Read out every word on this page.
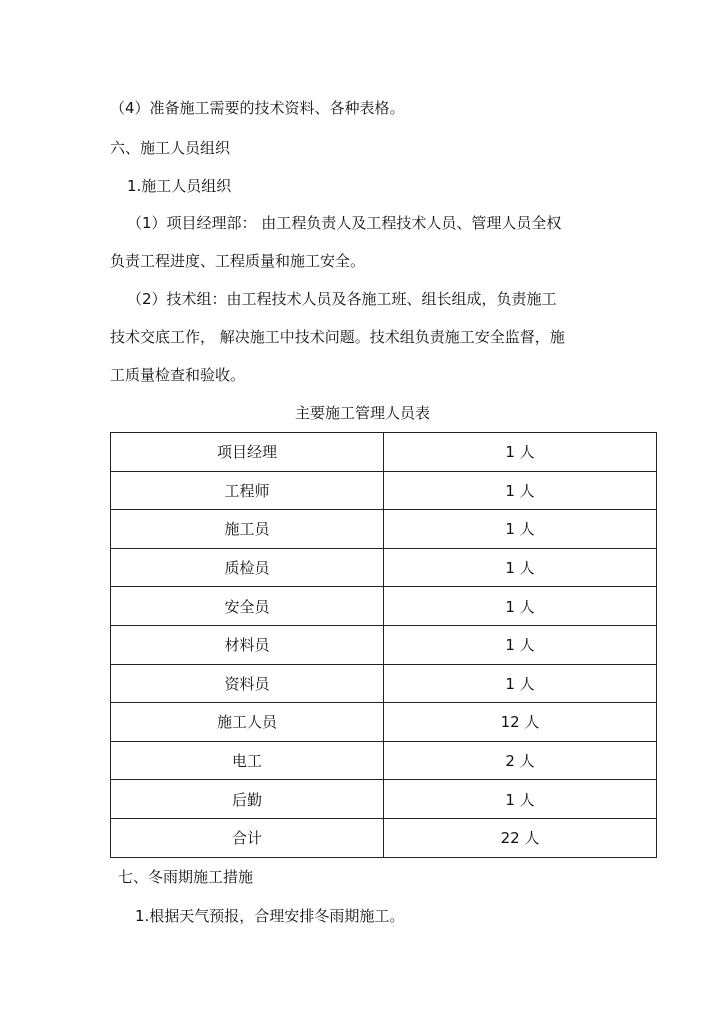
（4）准备施工需要的技术资料、各种表格。
六、施工人员组织
1.施工人员组织
（1）项目经理部： 由工程负责人及工程技术人员、管理人员全权
负责工程进度、工程质量和施工安全。
（2）技术组：由工程技术人员及各施工班、组长组成，负责施工
技术交底工作， 解决施工中技术问题。技术组负责施工安全监督，施
工质量检查和验收。
主要施工管理人员表
项目经理	1 人
工程师	1 人
施工员	1 人
质检员	1 人
安全员	1 人
材料员	1 人
资料员	1 人
施工人员	12 人
电工	2 人
后勤	1 人
合计	22 人
七、冬雨期施工措施
1.根据天气预报，合理安排冬雨期施工。
